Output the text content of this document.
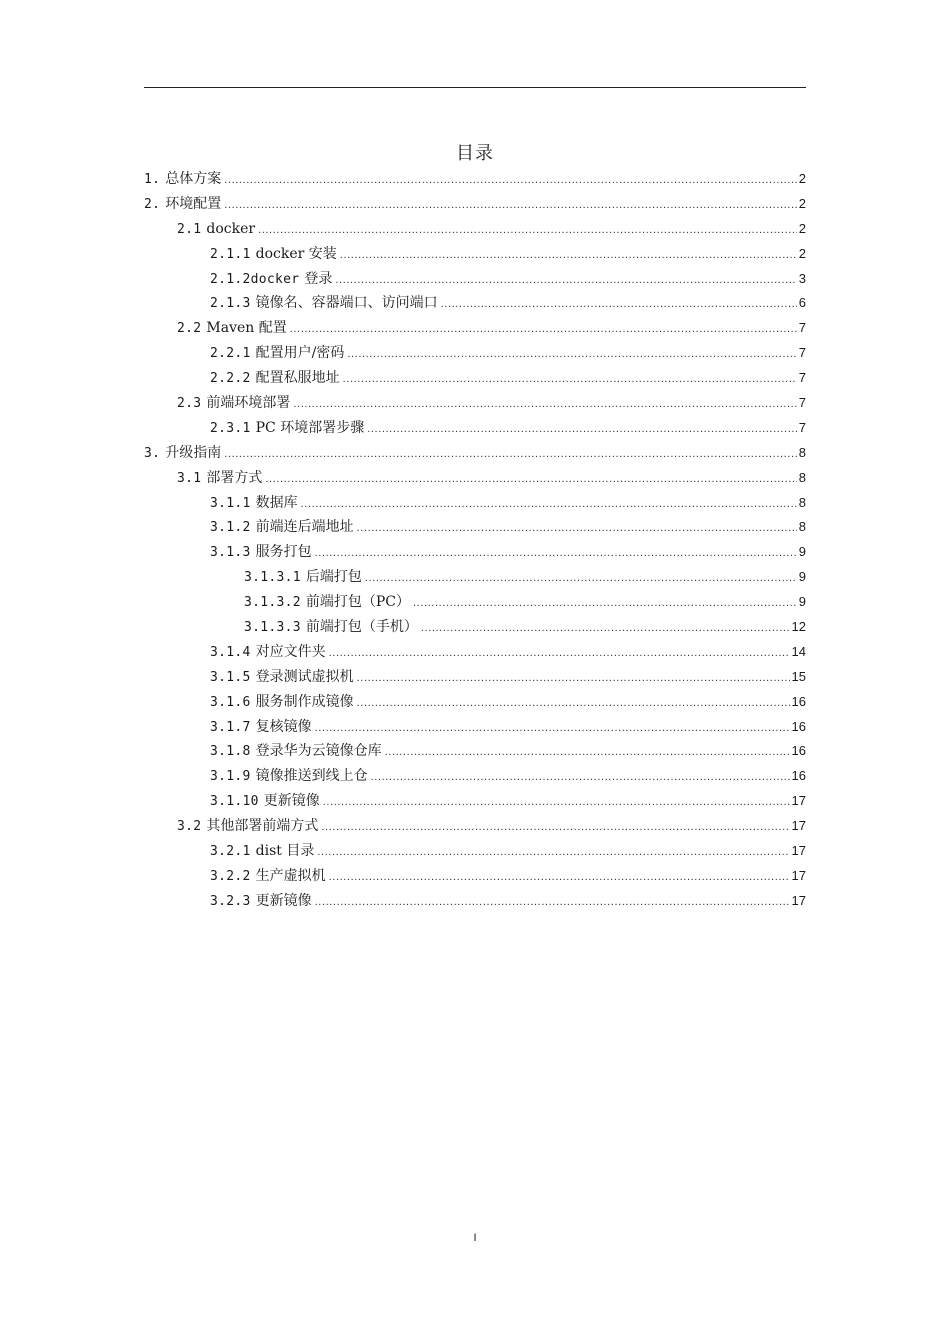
目录
1. 总体方案 .....	2
2. 环境配置 .....	2
2.1 docker .....	2
2.1.1 docker 安装 .....	2
2.1.2docker 登录 .....	3
2.1.3 镜像名、容器端口、访问端口 .....	6
2.2 Maven 配置 .....	7
2.2.1 配置用户/密码 .....	7
2.2.2 配置私服地址 .....	7
2.3 前端环境部署 .....	7
2.3.1 PC 环境部署步骤 .....	7
3. 升级指南 .....	8
3.1 部署方式 .....	8
3.1.1 数据库 .....	8
3.1.2 前端连后端地址 .....	8
3.1.3 服务打包 .....	9
3.1.3.1 后端打包 .....	9
3.1.3.2 前端打包（PC） .....	9
3.1.3.3 前端打包（手机） .....	12
3.1.4 对应文件夹 .....	14
3.1.5 登录测试虚拟机 .....	15
3.1.6 服务制作成镜像 .....	16
3.1.7 复核镜像 .....	16
3.1.8 登录华为云镜像仓库 .....	16
3.1.9 镜像推送到线上仓 .....	16
3.1.10 更新镜像 .....	17
3.2 其他部署前端方式 .....	17
3.2.1 dist 目录 .....	17
3.2.2 生产虚拟机 .....	17
3.2.3 更新镜像 .....	17
I
